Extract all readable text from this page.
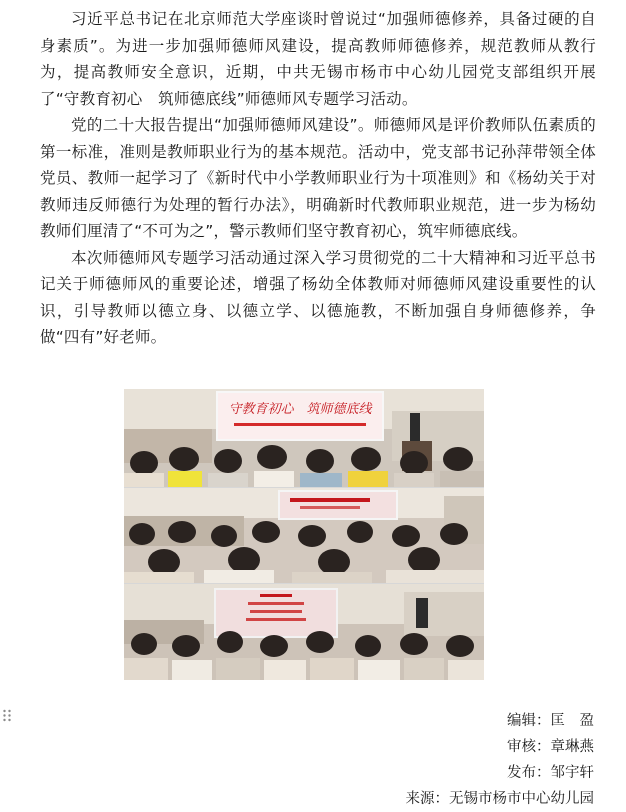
习近平总书记在北京师范大学座谈时曾说过“加强师德修养，具备过硬的自身素质”。为进一步加强师德师风建设，提高教师师德修养，规范教师从教行为，提高教师安全意识，近期，中共无锡市杨市中心幼儿园党支部组织开展了“守教育初心　筑师德底线”师德师风专题学习活动。

党的二十大报告提出“加强师德师风建设”。师德师风是评价教师队伍素质的第一标准，准则是教师职业行为的基本规范。活动中，党支部书记孙萍带领全体党员、教师一起学习了《新时代中小学教师职业行为十项准则》和《杨幼关于对教师违反师德行为处理的暂行办法》，明确新时代教师职业规范，进一步为杨幼教师们厘清了“不可为之”，警示教师们坚守教育初心，筑牢师德底线。

本次师德师风专题学习活动通过深入学习贯彻党的二十大精神和习近平总书记关于师德师风的重要论述，增强了杨幼全体教师对师德师风建设重要性的认识，引导教师以德立身、以德立学、以德施教，不断加强自身师德修养，争做“四有”好老师。

守教育初心　筑师德底线
编辑：匡　盈
审核：章琳燕
发布：邹宇轩
来源：无锡市杨市中心幼儿园
